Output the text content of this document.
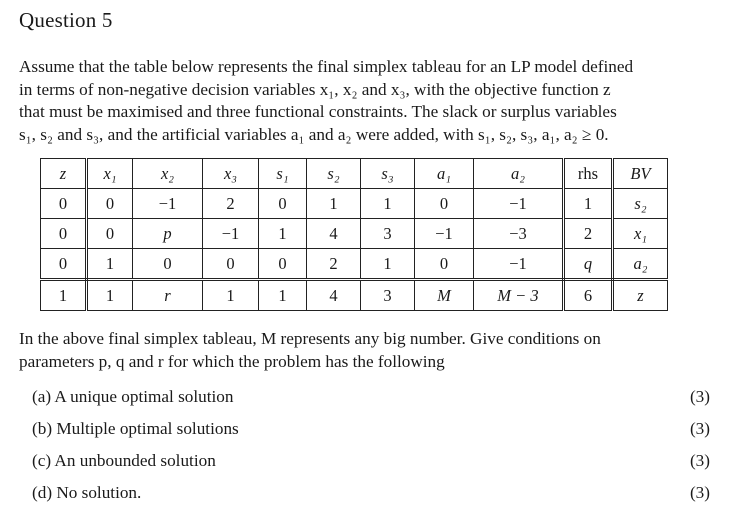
Question 5
Assume that the table below represents the final simplex tableau for an LP model defined
in terms of non-negative decision variables x₁, x₂ and x₃, with the objective function z
that must be maximised and three functional constraints. The slack or surplus variables
s₁, s₂ and s₃, and the artificial variables a₁ and a₂ were added, with s₁, s₂, s₃, a₁, a₂ ≥ 0.
z	x₁	x₂	x₃	s₁	s₂	s₃	a₁	a₂	rhs	BV
0	0	−1	2	0	1	1	0	−1	1	s₂
0	0	p	−1	1	4	3	−1	−3	2	x₁
0	1	0	0	0	2	1	0	−1	q	a₂
1	1	r	1	1	4	3	M	M − 3	6	z
In the above final simplex tableau, M represents any big number. Give conditions on
parameters p, q and r for which the problem has the following
(a) A unique optimal solution	(3)
(b) Multiple optimal solutions	(3)
(c) An unbounded solution	(3)
(d) No solution.	(3)
